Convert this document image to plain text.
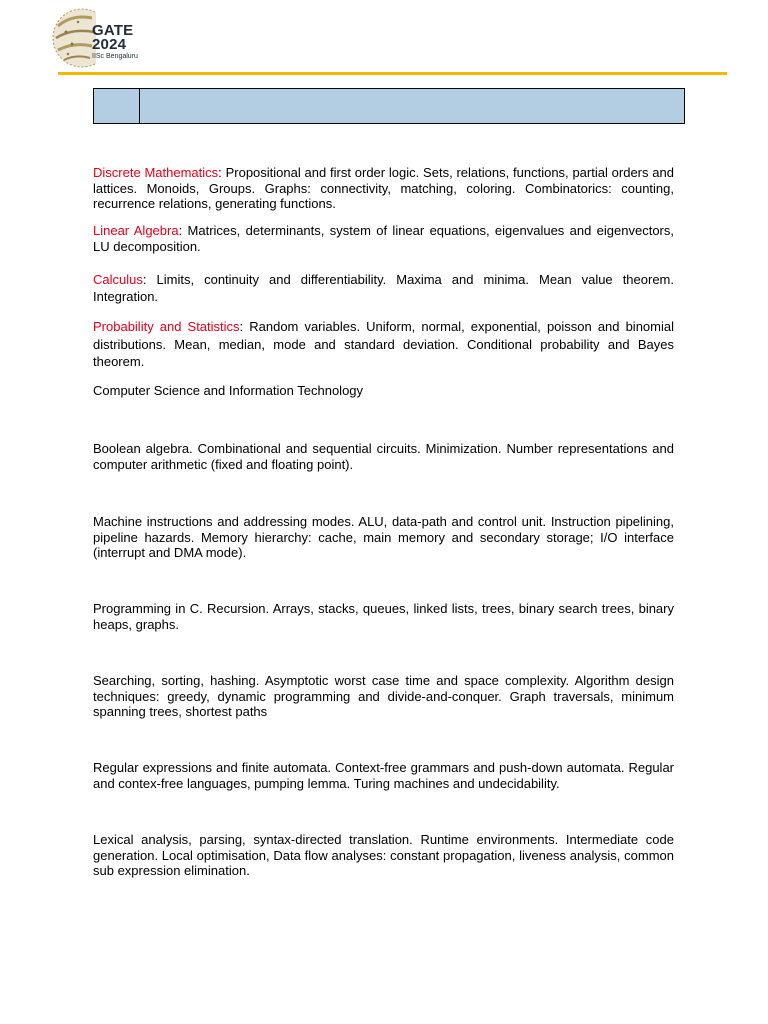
GATE
2024
IISc Bengaluru
Discrete Mathematics: Propositional and first order logic. Sets, relations, functions, partial orders and lattices. Monoids, Groups. Graphs: connectivity, matching, coloring. Combinatorics: counting, recurrence relations, generating functions.
Linear Algebra: Matrices, determinants, system of linear equations, eigenvalues and eigenvectors, LU decomposition.
Calculus: Limits, continuity and differentiability. Maxima and minima. Mean value theorem. Integration.
Probability and Statistics: Random variables. Uniform, normal, exponential, poisson and binomial distributions. Mean, median, mode and standard deviation. Conditional probability and Bayes theorem.
Computer Science and Information Technology
Boolean algebra. Combinational and sequential circuits. Minimization. Number representations and computer arithmetic (fixed and floating point).
Machine instructions and addressing modes. ALU, data-path and control unit. Instruction pipelining, pipeline hazards. Memory hierarchy: cache, main memory and secondary storage; I/O interface (interrupt and DMA mode).
Programming in C. Recursion. Arrays, stacks, queues, linked lists, trees, binary search trees, binary heaps, graphs.
Searching, sorting, hashing. Asymptotic worst case time and space complexity. Algorithm design techniques: greedy, dynamic programming and divide-and-conquer. Graph traversals, minimum spanning trees, shortest paths
Regular expressions and finite automata. Context-free grammars and push-down automata. Regular and contex-free languages, pumping lemma. Turing machines and undecidability.
Lexical analysis, parsing, syntax-directed translation. Runtime environments. Intermediate code generation. Local optimisation, Data flow analyses: constant propagation, liveness analysis, common sub expression elimination.
